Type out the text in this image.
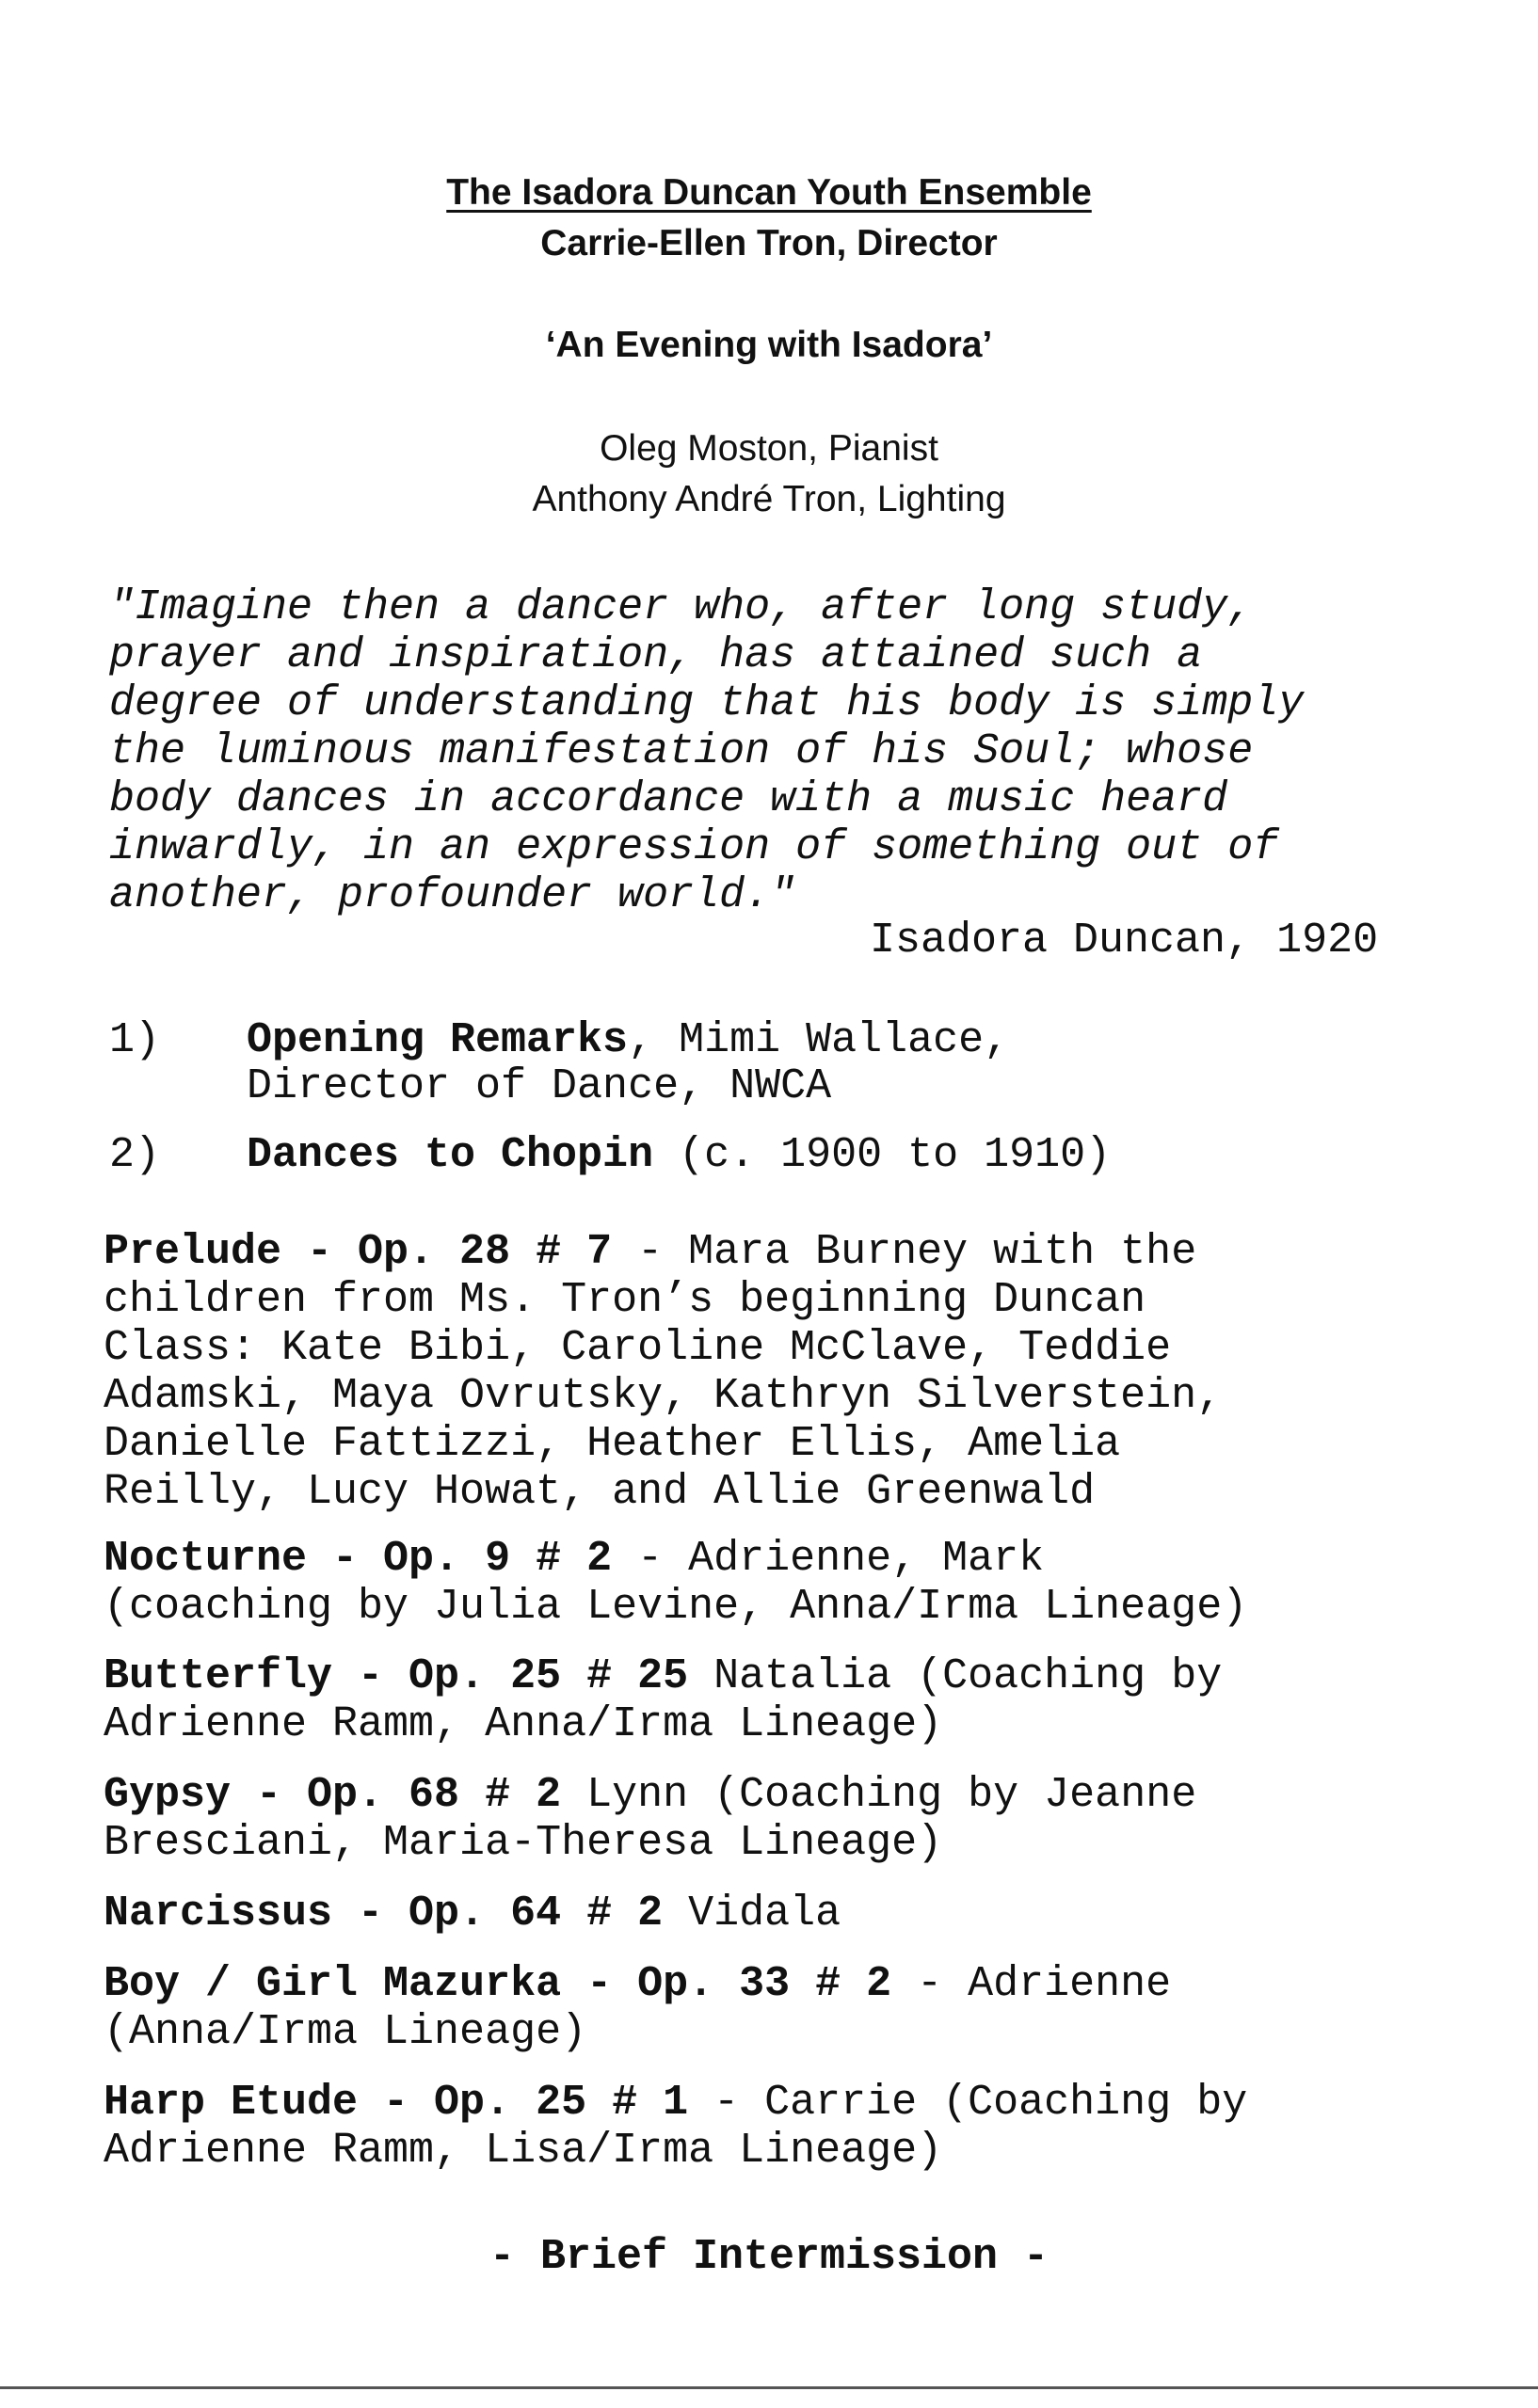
The Isadora Duncan Youth Ensemble
Carrie-Ellen Tron, Director
‘An Evening with Isadora’
Oleg Moston, Pianist
Anthony André Tron, Lighting
"Imagine then a dancer who, after long study,
prayer and inspiration, has attained such a
degree of understanding that his body is simply
the luminous manifestation of his Soul; whose
body dances in accordance with a music heard
inwardly, in an expression of something out of
another, profounder world."
Isadora Duncan, 1920
1) Opening Remarks, Mimi Wallace,
Director of Dance, NWCA
2) Dances to Chopin (c. 1900 to 1910)
Prelude - Op. 28 # 7 - Mara Burney with the
children from Ms. Tron’s beginning Duncan
Class: Kate Bibi, Caroline McClave, Teddie
Adamski, Maya Ovrutsky, Kathryn Silverstein,
Danielle Fattizzi, Heather Ellis, Amelia
Reilly, Lucy Howat, and Allie Greenwald
Nocturne - Op. 9 # 2 - Adrienne, Mark
(coaching by Julia Levine, Anna/Irma Lineage)
Butterfly - Op. 25 # 25 Natalia (Coaching by
Adrienne Ramm, Anna/Irma Lineage)
Gypsy - Op. 68 # 2 Lynn (Coaching by Jeanne
Bresciani, Maria-Theresa Lineage)
Narcissus - Op. 64 # 2 Vidala
Boy / Girl Mazurka - Op. 33 # 2 - Adrienne
(Anna/Irma Lineage)
Harp Etude - Op. 25 # 1 - Carrie (Coaching by
Adrienne Ramm, Lisa/Irma Lineage)
- Brief Intermission -
